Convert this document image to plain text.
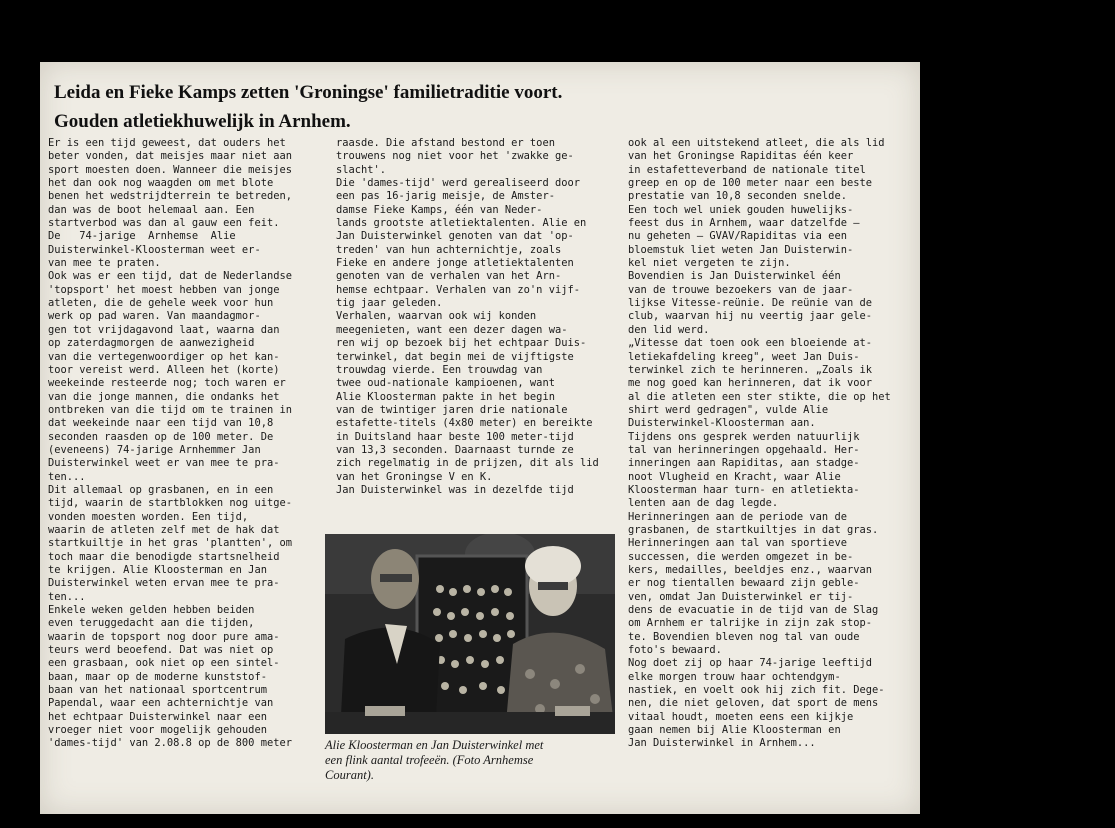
Leida en Fieke Kamps zetten 'Groningse' familietraditie voort.
Gouden atletiekhuwelijk in Arnhem.

Er is een tijd geweest, dat ouders het

beter vonden, dat meisjes maar niet aan

sport moesten doen. Wanneer die meisjes

het dan ook nog waagden om met blote

benen het wedstrijdterrein te betreden,

dan was de boot helemaal aan. Een

startverbod was dan al gauw een feit.

De   74-jarige  Arnhemse  Alie

Duisterwinkel-Kloosterman weet er-

van mee te praten.

Ook was er een tijd, dat de Nederlandse

'topsport' het moest hebben van jonge

atleten, die de gehele week voor hun

werk op pad waren. Van maandagmor-

gen tot vrijdagavond laat, waarna dan

op zaterdagmorgen de aanwezigheid

van die vertegenwoordiger op het kan-

toor vereist werd. Alleen het (korte)

weekeinde resteerde nog; toch waren er

van die jonge mannen, die ondanks het

ontbreken van die tijd om te trainen in

dat weekeinde naar een tijd van 10,8

seconden raasden op de 100 meter. De

(eveneens) 74-jarige Arnhemmer Jan

Duisterwinkel weet er van mee te pra-

ten...

Dit allemaal op grasbanen, en in een

tijd, waarin de startblokken nog uitge-

vonden moesten worden. Een tijd,

waarin de atleten zelf met de hak dat

startkuiltje in het gras 'plantten', om

toch maar die benodigde startsnelheid

te krijgen. Alie Kloosterman en Jan

Duisterwinkel weten ervan mee te pra-

ten...

Enkele weken gelden hebben beiden

even teruggedacht aan die tijden,

waarin de topsport nog door pure ama-

teurs werd beoefend. Dat was niet op

een grasbaan, ook niet op een sintel-

baan, maar op de moderne kunststof-

baan van het nationaal sportcentrum

Papendal, waar een achternichtje van

het echtpaar Duisterwinkel naar een

vroeger niet voor mogelijk gehouden

'dames-tijd' van 2.08.8 op de 800 meter

raasde. Die afstand bestond er toen

trouwens nog niet voor het 'zwakke ge-

slacht'.

Die 'dames-tijd' werd gerealiseerd door

een pas 16-jarig meisje, de Amster-

damse Fieke Kamps, één van Neder-

lands grootste atletiektalenten. Alie en

Jan Duisterwinkel genoten van dat 'op-

treden' van hun achternichtje, zoals

Fieke en andere jonge atletiektalenten

genoten van de verhalen van het Arn-

hemse echtpaar. Verhalen van zo'n vijf-

tig jaar geleden.

Verhalen, waarvan ook wij konden

meegenieten, want een dezer dagen wa-

ren wij op bezoek bij het echtpaar Duis-

terwinkel, dat begin mei de vijftigste

trouwdag vierde. Een trouwdag van

twee oud-nationale kampioenen, want

Alie Kloosterman pakte in het begin

van de twintiger jaren drie nationale

estafette-titels (4x80 meter) en bereikte

in Duitsland haar beste 100 meter-tijd

van 13,3 seconden. Daarnaast turnde ze

zich regelmatig in de prijzen, dit als lid

van het Groningse V en K.

Jan Duisterwinkel was in dezelfde tijd

ook al een uitstekend atleet, die als lid

van het Groningse Rapiditas één keer

in estafetteverband de nationale titel

greep en op de 100 meter naar een beste

prestatie van 10,8 seconden snelde.

Een toch wel uniek gouden huwelijks-

feest dus in Arnhem, waar datzelfde –

nu geheten – GVAV/Rapiditas via een

bloemstuk liet weten Jan Duisterwin-

kel niet vergeten te zijn.

Bovendien is Jan Duisterwinkel één

van de trouwe bezoekers van de jaar-

lijkse Vitesse-reünie. De reünie van de

club, waarvan hij nu veertig jaar gele-

den lid werd.

„Vitesse dat toen ook een bloeiende at-

letiekafdeling kreeg", weet Jan Duis-

terwinkel zich te herinneren. „Zoals ik

me nog goed kan herinneren, dat ik voor

al die atleten een ster stikte, die op het

shirt werd gedragen", vulde Alie

Duisterwinkel-Kloosterman aan.

Tijdens ons gesprek werden natuurlijk

tal van herinneringen opgehaald. Her-

inneringen aan Rapiditas, aan stadge-

noot Vlugheid en Kracht, waar Alie

Kloosterman haar turn- en atletiekta-

lenten aan de dag legde.

Herinneringen aan de periode van de

grasbanen, de startkuiltjes in dat gras.

Herinneringen aan tal van sportieve

successen, die werden omgezet in be-

kers, medailles, beeldjes enz., waarvan

er nog tientallen bewaard zijn geble-

ven, omdat Jan Duisterwinkel er tij-

dens de evacuatie in de tijd van de Slag

om Arnhem er talrijke in zijn zak stop-

te. Bovendien bleven nog tal van oude

foto's bewaard.

Nog doet zij op haar 74-jarige leeftijd

elke morgen trouw haar ochtendgym-

nastiek, en voelt ook hij zich fit. Dege-

nen, die niet geloven, dat sport de mens

vitaal houdt, moeten eens een kijkje

gaan nemen bij Alie Kloosterman en

Jan Duisterwinkel in Arnhem...

Alie Kloosterman en Jan Duisterwinkel met

een flink aantal trofeeën. (Foto Arnhemse

Courant).
